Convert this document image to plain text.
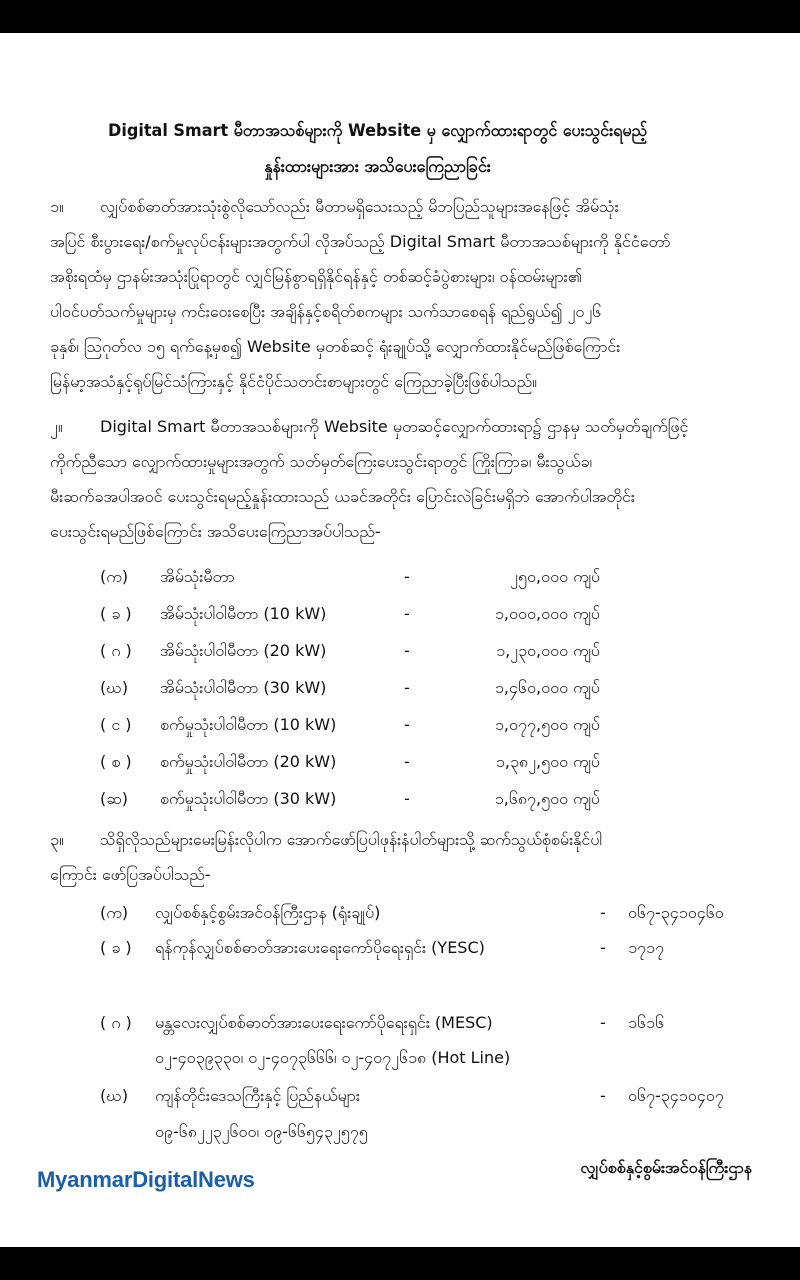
Digital Smart မီတာအသစ်များကို Website မှ လျှောက်ထားရာတွင် ပေးသွင်းရမည့်
နှုန်းထားများအား အသိပေးကြေညာခြင်း
၁။ လျှပ်စစ်ဓာတ်အားသုံးစွဲလိုသော်လည်း မီတာမရှိသေးသည့် မိဘပြည်သူများအနေဖြင့် အိမ်သုံး
အပြင် စီးပွားရေး/စက်မှုလုပ်ငန်းများအတွက်ပါ လိုအပ်သည့် Digital Smart မီတာအသစ်များကို နိုင်ငံတော်
အစိုးရထံမှ ဌာနမ်းအသုံးပြုရာတွင် လျှင်မြန်စွာရရှိနိုင်ရန်နှင့် တစ်ဆင့်ခံပွဲစားများ၊ ဝန်ထမ်းများ၏
ပါဝင်ပတ်သက်မှုများမှ ကင်းဝေးစေပြီး အချိန်နှင့်စရိတ်စကများ သက်သာစေရန် ရည်ရွယ်၍ ၂၀၂၆
ခုနှစ်၊ ဩဂုတ်လ ၁၅ ရက်နေ့မှစ၍ Website မှတစ်ဆင့် ရုံးချုပ်သို့ လျှောက်ထားနိုင်မည်ဖြစ်ကြောင်း
မြန်မာ့အသံနှင့်ရုပ်မြင်သံကြားနှင့် နိုင်ငံပိုင်သတင်းစာများတွင် ကြေညာခဲ့ပြီးဖြစ်ပါသည်။
၂။ Digital Smart မီတာအသစ်များကို Website မှတဆင့်လျှောက်ထားရာ၌ ဌာနမှ သတ်မှတ်ချက်ဖြင့်
ကိုက်ညီသော လျှောက်ထားမှုများအတွက် သတ်မှတ်ကြေးပေးသွင်းရာတွင် ကြိုးကြာခ၊ မီးသွယ်ခ၊
မီးဆက်ခအပါအဝင် ပေးသွင်းရမည့်နှုန်းထားသည် ယခင်အတိုင်း ပြောင်းလဲခြင်းမရှိဘဲ အောက်ပါအတိုင်း
ပေးသွင်းရမည်ဖြစ်ကြောင်း အသိပေးကြေညာအပ်ပါသည်-
(က)	အိမ်သုံးမီတာ	-	၂၅၀,၀၀၀ ကျပ်
( ခ )	အိမ်သုံးပါဝါမီတာ (10 kW)	-	၁,၀၀၀,၀၀၀ ကျပ်
( ဂ )	အိမ်သုံးပါဝါမီတာ (20 kW)	-	၁,၂၃၀,၀၀၀ ကျပ်
(ဃ)	အိမ်သုံးပါဝါမီတာ (30 kW)	-	၁,၄၆၀,၀၀၀ ကျပ်
( င )	စက်မှုသုံးပါဝါမီတာ (10 kW)	-	၁,၀၇၇,၅၀၀ ကျပ်
( စ )	စက်မှုသုံးပါဝါမီတာ (20 kW)	-	၁,၃၈၂,၅၀၀ ကျပ်
(ဆ)	စက်မှုသုံးပါဝါမီတာ (30 kW)	-	၁,၆၈၇,၅၀၀ ကျပ်
၃။ သိရှိလိုသည်များမေးမြန်းလိုပါက အောက်ဖော်ပြပါဖုန်းနံပါတ်များသို့ ဆက်သွယ်စုံစမ်းနိုင်ပါ
ကြောင်း ဖော်ပြအပ်ပါသည်-
(က)	လျှပ်စစ်နှင့်စွမ်းအင်ဝန်ကြီးဌာန (ရုံးချုပ်)	- ၀၆၇-၃၄၁၀၄၆၀
( ခ )	ရန်ကုန်လျှပ်စစ်ဓာတ်အားပေးရေးကော်ပိုရေးရှင်း (YESC)	- ၁၇၁၇
( ဂ )	မန္တလေးလျှပ်စစ်ဓာတ်အားပေးရေးကော်ပိုရေးရှင်း (MESC)	- ၁၆၁၆
၀၂-၄၀၃၉၃၃၀၊ ၀၂-၄၀၇၃၆၆၆၊ ၀၂-၄၀၇၂၆၁၈ (Hot Line)
(ဃ)	ကျန်တိုင်းဒေသကြီးနှင့် ပြည်နယ်များ	- ၀၆၇-၃၄၁၀၄၀၇
၀၉-၆၈၂၂၃၂၆၀၀၊ ၀၉-၆၆၅၄၃၂၅၇၅
MyanmarDigitalNews	လျှပ်စစ်နှင့်စွမ်းအင်ဝန်ကြီးဌာန
